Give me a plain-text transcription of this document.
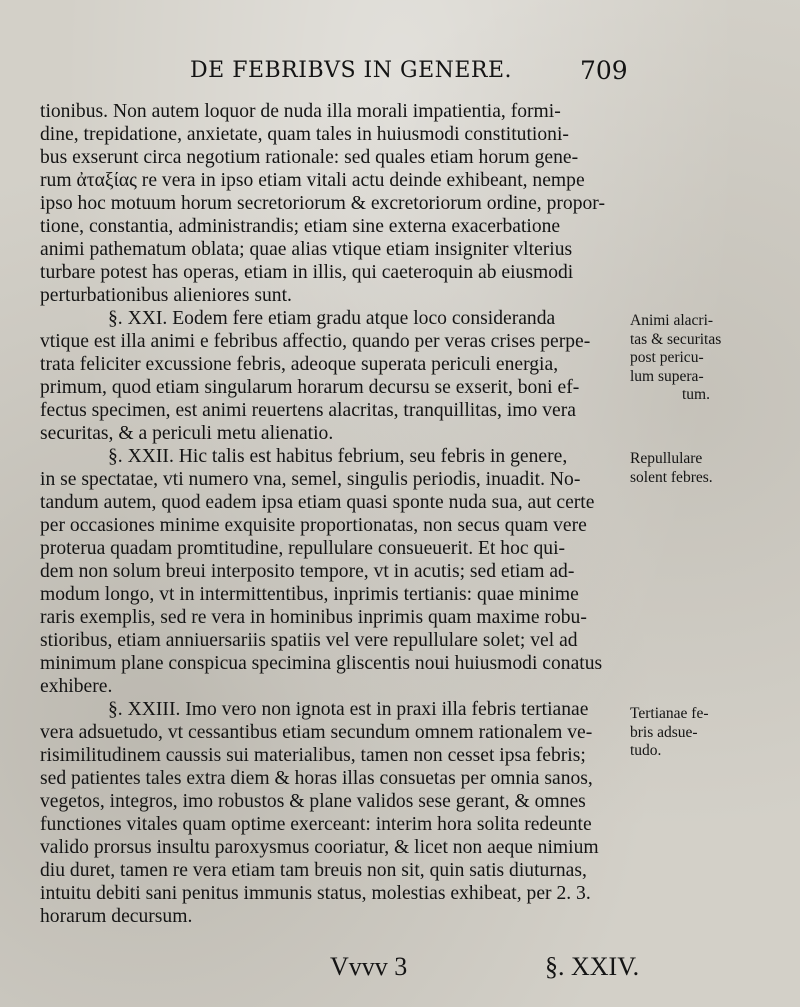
DE FEBRIBVS IN GENERE.	709

tionibus. Non autem loquor de nuda illa morali impatientia, formi-
dine, trepidatione, anxietate, quam tales in huiusmodi constitutioni-
bus exserunt circa negotium rationale: sed quales etiam horum gene-
rum ἀταξίας re vera in ipso etiam vitali actu deinde exhibeant, nempe
ipso hoc motuum horum secretoriorum & excretoriorum ordine, propor-
tione, constantia, administrandis; etiam sine externa exacerbatione
animi pathematum oblata; quae alias vtique etiam insigniter vlterius
turbare potest has operas, etiam in illis, qui caeteroquin ab eiusmodi
perturbationibus alieniores sunt.

§. XXI. Eodem fere etiam gradu atque loco consideranda
vtique est illa animi e febribus affectio, quando per veras crises perpe-
trata feliciter excussione febris, adeoque superata periculi energia,
primum, quod etiam singularum horarum decursu se exserit, boni ef-
fectus specimen, est animi reuertens alacritas, tranquillitas, imo vera
securitas, & a periculi metu alienatio.

§. XXII. Hic talis est habitus febrium, seu febris in genere,
in se spectatae, vti numero vna, semel, singulis periodis, inuadit. No-
tandum autem, quod eadem ipsa etiam quasi sponte nuda sua, aut certe
per occasiones minime exquisite proportionatas, non secus quam vere
proterua quadam promtitudine, repullulare consueuerit. Et hoc qui-
dem non solum breui interposito tempore, vt in acutis; sed etiam ad-
modum longo, vt in intermittentibus, inprimis tertianis: quae minime
raris exemplis, sed re vera in hominibus inprimis quam maxime robu-
stioribus, etiam anniuersariis spatiis vel vere repullulare solet; vel ad
minimum plane conspicua specimina gliscentis noui huiusmodi conatus
exhibere.

§. XXIII. Imo vero non ignota est in praxi illa febris tertianae
vera adsuetudo, vt cessantibus etiam secundum omnem rationalem ve-
risimilitudinem caussis sui materialibus, tamen non cesset ipsa febris;
sed patientes tales extra diem & horas illas consuetas per omnia sanos,
vegetos, integros, imo robustos & plane validos sese gerant, & omnes
functiones vitales quam optime exerceant: interim hora solita redeunte
valido prorsus insultu paroxysmus cooriatur, & licet non aeque nimium
diu duret, tamen re vera etiam tam breuis non sit, quin satis diuturnas,
intuitu debiti sani penitus immunis status, molestias exhibeat, per 2. 3.
horarum decursum.

Animi alacri-
tas & securitas
post pericu-
lum supera-
tum.
Repullulare
solent febres.
Tertianae fe-
bris adsue-
tudo.
Vvvv 3	§. XXIV.
